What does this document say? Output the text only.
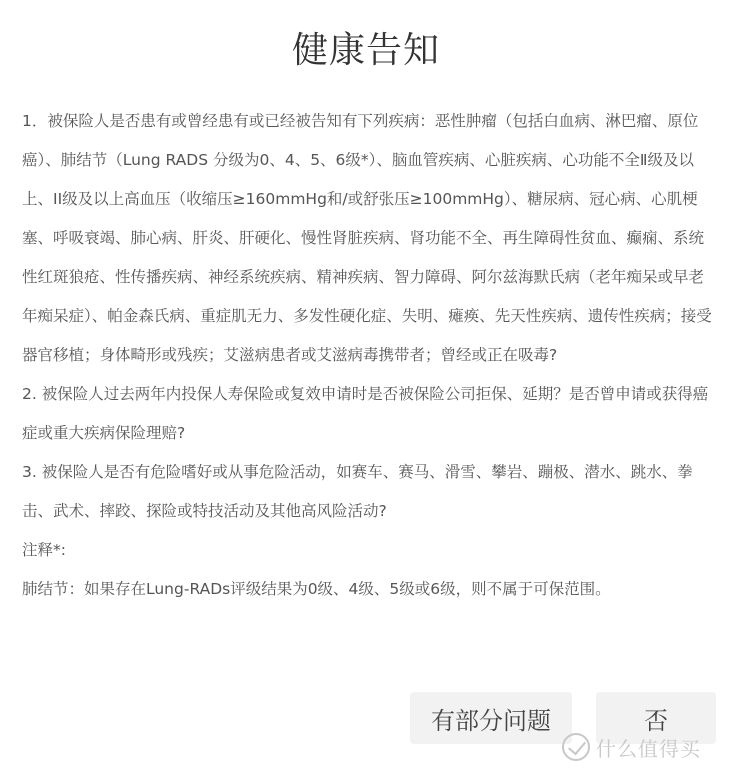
健康告知

1．被保险人是否患有或曾经患有或已经被告知有下列疾病：恶性肿瘤（包括白血病、淋巴瘤、原位癌）、肺结节（Lung RADS 分级为0、4、5、6级*）、脑血管疾病、心脏疾病、心功能不全Ⅱ级及以上、II级及以上高血压（收缩压≥160mmHg和/或舒张压≥100mmHg）、糖尿病、冠心病、心肌梗塞、呼吸衰竭、肺心病、肝炎、肝硬化、慢性肾脏疾病、肾功能不全、再生障碍性贫血、癫痫、系统性红斑狼疮、性传播疾病、神经系统疾病、精神疾病、智力障碍、阿尔兹海默氏病（老年痴呆或早老年痴呆症）、帕金森氏病、重症肌无力、多发性硬化症、失明、瘫痪、先天性疾病、遗传性疾病；接受器官移植；身体畸形或残疾；艾滋病患者或艾滋病毒携带者；曾经或正在吸毒?

2. 被保险人过去两年内投保人寿保险或复效申请时是否被保险公司拒保、延期？是否曾申请或获得癌症或重大疾病保险理赔?

3. 被保险人是否有危险嗜好或从事危险活动，如赛车、赛马、滑雪、攀岩、蹦极、潜水、跳水、拳击、武术、摔跤、探险或特技活动及其他高风险活动?

注释*:

肺结节：如果存在Lung-RADs评级结果为0级、4级、5级或6级，则不属于可保范围。

有部分问题	否
什么值得买
